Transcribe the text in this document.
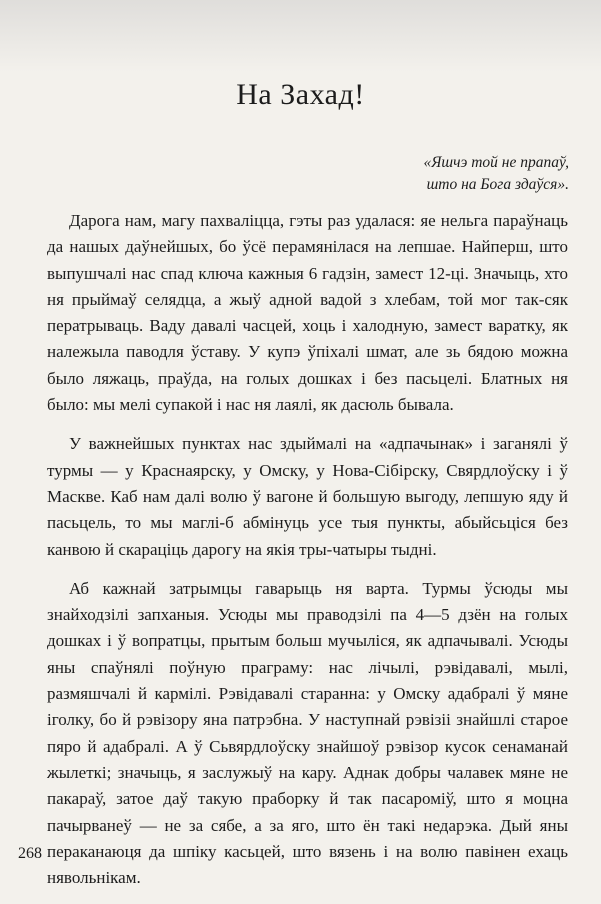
На Захад!
«Яшчэ той не прапаў,
што на Бога здаўся».

Дарога нам, магу пахваліцца, гэты раз удалася: яе нельга параўнаць да нашых даўнейшых, бо ўсё перамянілася на лепшае. Найперш, што выпушчалі нас спад ключа кажныя 6 гадзін, замест 12-ці. Значыць, хто ня прыймаў селядца, а жыў адной вадой з хлебам, той мог так-сяк ператрываць. Ваду давалі часцей, хоць і халодную, замест варатку, як належыла паводля ўставу. У купэ ўпіхалі шмат, але зь бядою можна было ляжаць, праўда, на голых дошках і без пасьцелі. Блатных ня было: мы мелі супакой і нас ня лаялі, як дасюль бывала.

У важнейшых пунктах нас здыймалі на «адпачынак» і заганялі ў турмы — у Краснаярску, у Омску, у Нова-Сібірску, Свярдлоўску і ў Маскве. Каб нам далі волю ў вагоне й большую выгоду, лепшую яду й пасьцель, то мы маглі-б абмінуць усе тыя пункты, абыйсьціся без канвою й скарацiць дарогу на якія тры-чатыры тыдні.

Аб кажнай затрымцы гаварыць ня варта. Турмы ўсюды мы знайходзілі запханыя. Усюды мы праводзілі па 4—5 дзён на голых дошках і ў вопратцы, прытым больш мучыліся, як адпачывалі. Усюды яны спаўнялі поўную праграму: нас лічылі, рэвідавалі, мылі, размяшчалі й кармілі. Рэвідавалі старанна: у Омску адабралі ў мяне іголку, бо й рэвізору яна патрэбна. У наступнай рэвізіі знайшлі старое пяро й адабралі. А ў Сьвярдлоўску знайшоў рэвізор кусок сенаманай жылеткі; значыць, я заслужыў на кару. Аднак добры чалавек мяне не пакараў, затое даў такую праборку й так пасароміў, што я моцна пачырванеў — не за сябе, а за яго, што ён такі недарэка. Дый яны пераканаюця да шпіку касьцей, што вязень і на волю павінен ехаць нявольнікам.

268
